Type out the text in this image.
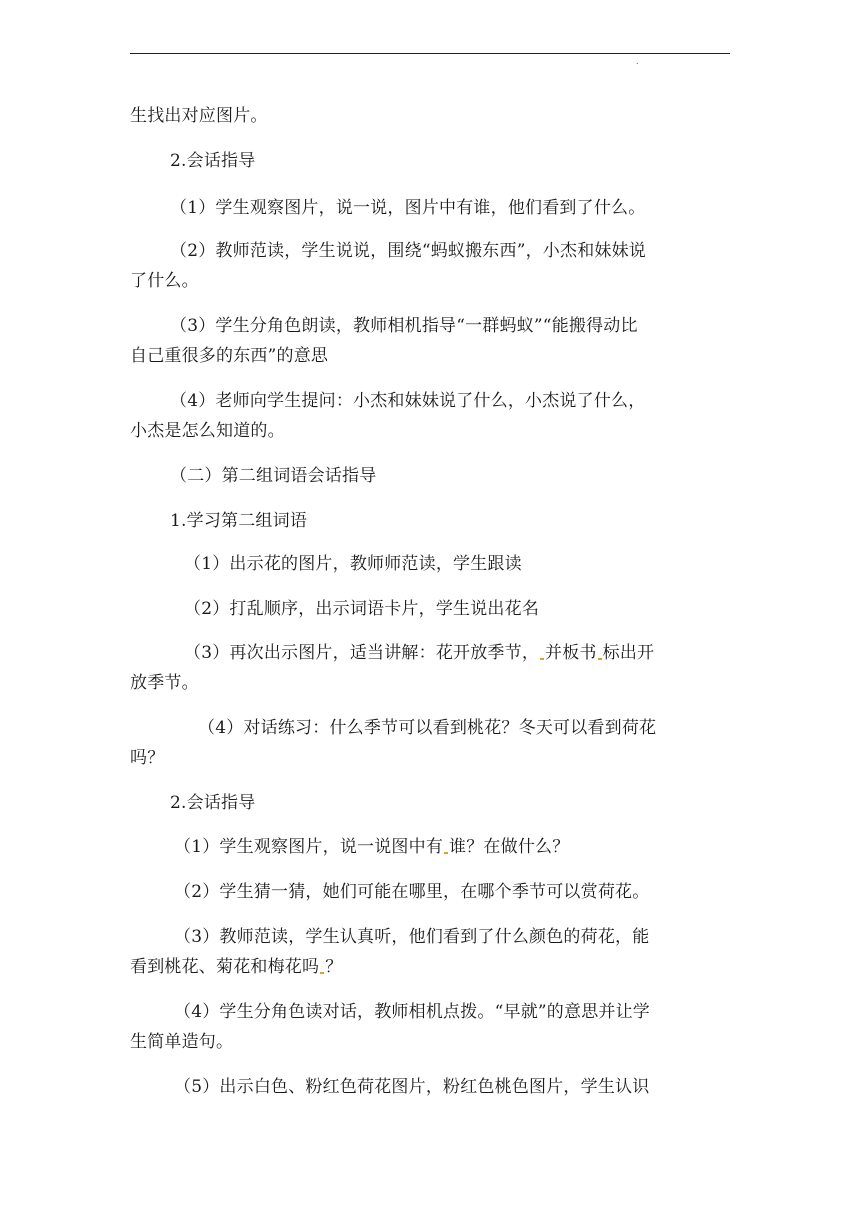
.
生找出对应图片。
2.会话指导
（1）学生观察图片，说一说，图片中有谁，他们看到了什么。
（2）教师范读，学生说说，围绕“蚂蚁搬东西”，小杰和妹妹说
了什么。
（3）学生分角色朗读，教师相机指导“一群蚂蚁”“能搬得动比
自己重很多的东西”的意思
（4）老师向学生提问：小杰和妹妹说了什么，小杰说了什么，
小杰是怎么知道的。
（二）第二组词语会话指导
1.学习第二组词语
（1）出示花的图片，教师师范读，学生跟读
（2）打乱顺序，出示词语卡片，学生说出花名
（3）再次出示图片，适当讲解：花开放季节， 并板书 标出开
放季节。
（4）对话练习：什么季节可以看到桃花？冬天可以看到荷花
吗？
2.会话指导
（1）学生观察图片，说一说图中有 谁？在做什么？
（2）学生猜一猜，她们可能在哪里，在哪个季节可以赏荷花。
（3）教师范读，学生认真听，他们看到了什么颜色的荷花，能
看到桃花、菊花和梅花吗 ？
（4）学生分角色读对话，教师相机点拨。“早就”的意思并让学
生简单造句。
（5）出示白色、粉红色荷花图片，粉红色桃色图片，学生认识
